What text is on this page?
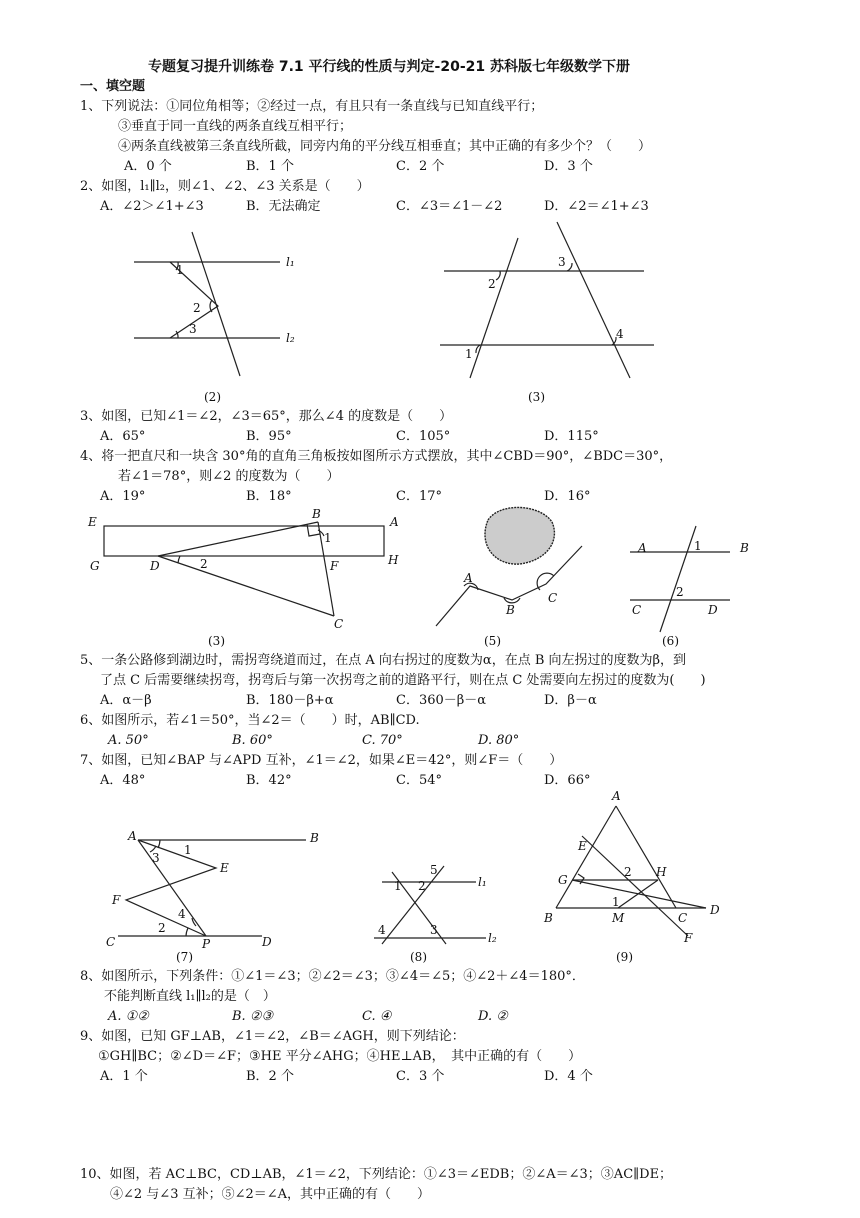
专题复习提升训练卷 7.1 平行线的性质与判定-20-21 苏科版七年级数学下册
一、填空题
1、下列说法：①同位角相等；②经过一点，有且只有一条直线与已知直线平行；
③垂直于同一直线的两条直线互相平行；
④两条直线被第三条直线所截，同旁内角的平分线互相垂直；其中正确的有多少个？（　　）
A．0 个	B．1 个	C．2 个	D．3 个
2、如图，l₁∥l₂，则∠1、∠2、∠3 关系是（　　）
A．∠2＞∠1+∠3	B．无法确定	C．∠3＝∠1－∠2	D．∠2＝∠1+∠3
1
2
3
l₁
l₂
2
3
1
4
(2)	(3)
3、如图，已知∠1＝∠2，∠3＝65°，那么∠4 的度数是（　　）
A．65°	B．95°	C．105°	D．115°
4、将一把直尺和一块含 30°角的直角三角板按如图所示方式摆放，其中∠CBD＝90°，∠BDC＝30°，
若∠1＝78°，则∠2 的度数为（　　）
A．19°	B．18°	C．17°	D．16°
E	A
G	H
B
D	F
C
1
2
A
B
C
A	B
C	D
1
2
(3)	(5)	(6)
5、一条公路修到湖边时，需拐弯绕道而过，在点 A 向右拐过的度数为α，在点 B 向左拐过的度数为β，到
了点 C 后需要继续拐弯，拐弯后与第一次拐弯之前的道路平行，则在点 C 处需要向左拐过的度数为(　　)
A．α－β	B．180－β+α	C．360－β－α	D．β－α
6、如图所示，若∠1＝50°，当∠2＝（　　）时，AB∥CD.
A. 50°	B. 60°	C. 70°	D. 80°
7、如图，已知∠BAP 与∠APD 互补，∠1＝∠2，如果∠E＝42°，则∠F＝（　　）
A．48°	B．42°	C．54°	D．66°
A	B
C	D
E
F
P
1
2
3
4
1 2
3
4
5
l₁
l₂
A
E
G
H
B	M	C
D
F
1
2
(7)	(8)	(9)
8、如图所示，下列条件：①∠1＝∠3；②∠2＝∠3；③∠4＝∠5；④∠2＋∠4＝180°．
不能判断直线 l₁∥l₂的是（　）
A. ①②	B. ②③	C. ④	D. ②
9、如图，已知 GF⊥AB，∠1＝∠2，∠B＝∠AGH，则下列结论：
①GH∥BC；②∠D＝∠F；③HE 平分∠AHG；④HE⊥AB，　其中正确的有（　　）
A．1 个	B．2 个	C．3 个	D．4 个
10、如图，若 AC⊥BC，CD⊥AB，∠1＝∠2，下列结论：①∠3＝∠EDB；②∠A＝∠3；③AC∥DE；
④∠2 与∠3 互补；⑤∠2＝∠A，其中正确的有（　　）
